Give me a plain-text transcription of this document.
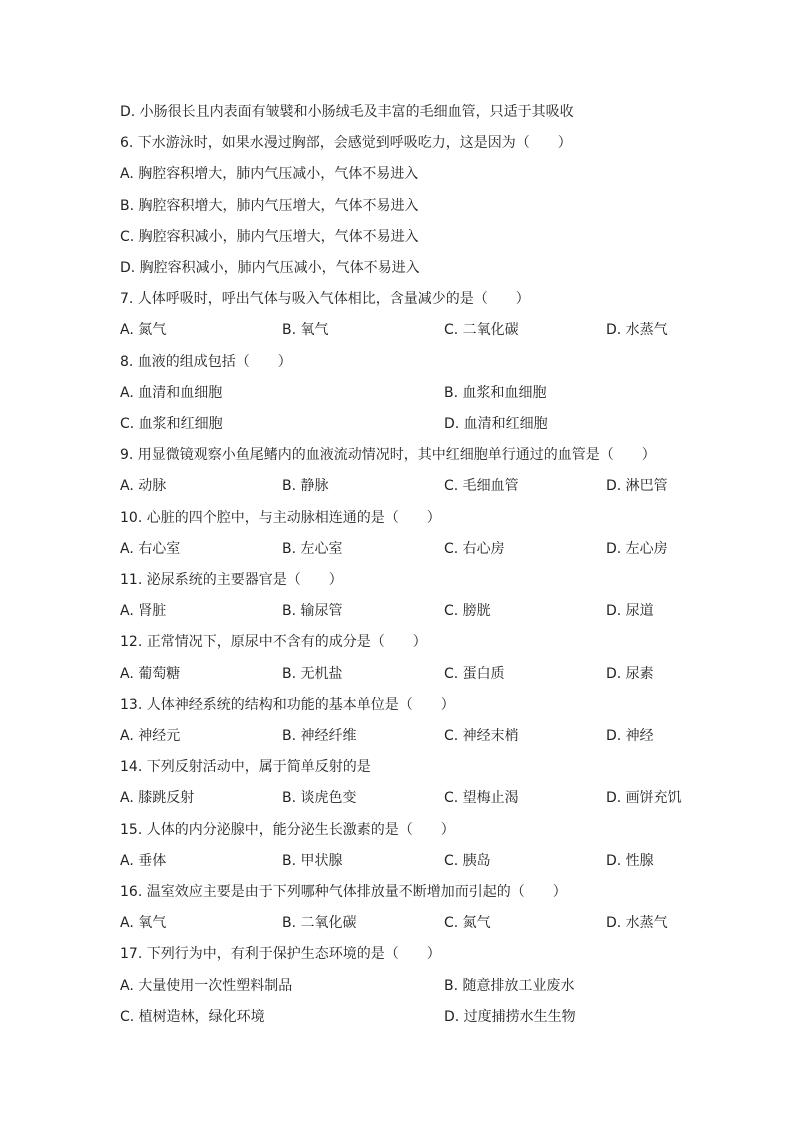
D. 小肠很长且内表面有皱襞和小肠绒毛及丰富的毛细血管，只适于其吸收
6. 下水游泳时，如果水漫过胸部，会感觉到呼吸吃力，这是因为（　　）
A. 胸腔容积增大，肺内气压减小，气体不易进入
B. 胸腔容积增大，肺内气压增大，气体不易进入
C. 胸腔容积减小，肺内气压增大，气体不易进入
D. 胸腔容积减小，肺内气压减小，气体不易进入
7. 人体呼吸时，呼出气体与吸入气体相比，含量减少的是（　　）
A. 氮气	B. 氧气	C. 二氧化碳	D. 水蒸气
8. 血液的组成包括（　　）
A. 血清和血细胞	B. 血浆和血细胞
C. 血浆和红细胞	D. 血清和红细胞
9. 用显微镜观察小鱼尾鳍内的血液流动情况时，其中红细胞单行通过的血管是（　　）
A. 动脉	B. 静脉	C. 毛细血管	D. 淋巴管
10. 心脏的四个腔中，与主动脉相连通的是（　　）
A. 右心室	B. 左心室	C. 右心房	D. 左心房
11. 泌尿系统的主要器官是（　　）
A. 肾脏	B. 输尿管	C. 膀胱	D. 尿道
12. 正常情况下，原尿中不含有的成分是（　　）
A. 葡萄糖	B. 无机盐	C. 蛋白质	D. 尿素
13. 人体神经系统的结构和功能的基本单位是（　　）
A. 神经元	B. 神经纤维	C. 神经末梢	D. 神经
14. 下列反射活动中，属于简单反射的是
A. 膝跳反射	B. 谈虎色变	C. 望梅止渴	D. 画饼充饥
15. 人体的内分泌腺中，能分泌生长激素的是（　　）
A. 垂体	B. 甲状腺	C. 胰岛	D. 性腺
16. 温室效应主要是由于下列哪种气体排放量不断增加而引起的（　　）
A. 氧气	B. 二氧化碳	C. 氮气	D. 水蒸气
17. 下列行为中，有利于保护生态环境的是（　　）
A. 大量使用一次性塑料制品	B. 随意排放工业废水
C. 植树造林，绿化环境	D. 过度捕捞水生生物
